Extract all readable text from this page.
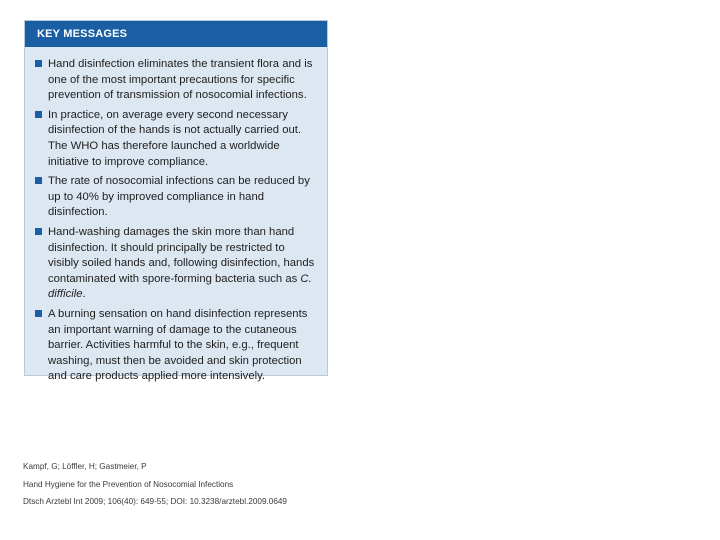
KEY MESSAGES
Hand disinfection eliminates the transient flora and is one of the most important precautions for specific prevention of transmission of nosocomial infections.
In practice, on average every second necessary disinfection of the hands is not actually carried out. The WHO has therefore launched a worldwide initiative to improve compliance.
The rate of nosocomial infections can be reduced by up to 40% by improved compliance in hand disinfection.
Hand-washing damages the skin more than hand disinfection. It should principally be restricted to visibly soiled hands and, following disinfection, hands contaminated with spore-forming bacteria such as C. difficile.
A burning sensation on hand disinfection represents an important warning of damage to the cutaneous barrier. Activities harmful to the skin, e.g., frequent washing, must then be avoided and skin protection and care products applied more intensively.
Kampf, G; Löffler, H; Gastmeier, P
Hand Hygiene for the Prevention of Nosocomial Infections
Dtsch Arztebl Int 2009; 106(40): 649-55; DOI: 10.3238/arztebl.2009.0649
